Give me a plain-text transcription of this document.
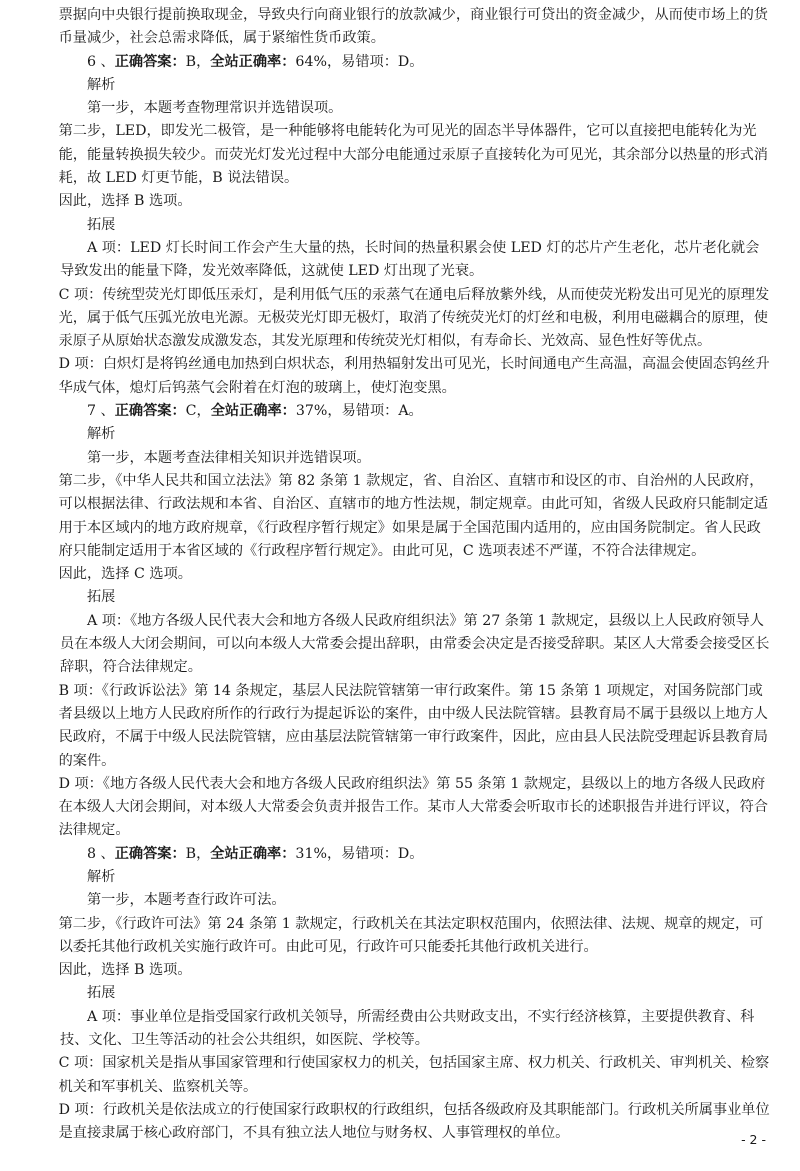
票据向中央银行提前换取现金，导致央行向商业银行的放款减少，商业银行可贷出的资金减少，从而使市场上的货币量减少，社会总需求降低，属于紧缩性货币政策。

6 、正确答案：B，全站正确率：64%，易错项：D。

解析

第一步，本题考查物理常识并选错误项。

第二步，LED，即发光二极管，是一种能够将电能转化为可见光的固态半导体器件，它可以直接把电能转化为光能，能量转换损失较少。而荧光灯发光过程中大部分电能通过汞原子直接转化为可见光，其余部分以热量的形式消耗，故 LED 灯更节能，B 说法错误。

因此，选择 B 选项。

拓展

A 项：LED 灯长时间工作会产生大量的热，长时间的热量积累会使 LED 灯的芯片产生老化，芯片老化就会导致发出的能量下降，发光效率降低，这就使 LED 灯出现了光衰。

C 项：传统型荧光灯即低压汞灯，是利用低气压的汞蒸气在通电后释放紫外线，从而使荧光粉发出可见光的原理发光，属于低气压弧光放电光源。无极荧光灯即无极灯，取消了传统荧光灯的灯丝和电极，利用电磁耦合的原理，使汞原子从原始状态激发成激发态，其发光原理和传统荧光灯相似，有寿命长、光效高、显色性好等优点。

D 项：白炽灯是将钨丝通电加热到白炽状态，利用热辐射发出可见光，长时间通电产生高温，高温会使固态钨丝升华成气体，熄灯后钨蒸气会附着在灯泡的玻璃上，使灯泡变黑。

7 、正确答案：C，全站正确率：37%，易错项：A。

解析

第一步，本题考查法律相关知识并选错误项。

第二步，《中华人民共和国立法法》第 82 条第 1 款规定，省、自治区、直辖市和设区的市、自治州的人民政府，可以根据法律、行政法规和本省、自治区、直辖市的地方性法规，制定规章。由此可知，省级人民政府只能制定适用于本区域内的地方政府规章，《行政程序暂行规定》如果是属于全国范围内适用的，应由国务院制定。省人民政府只能制定适用于本省区域的《行政程序暂行规定》。由此可见，C 选项表述不严谨，不符合法律规定。

因此，选择 C 选项。

拓展

A 项：《地方各级人民代表大会和地方各级人民政府组织法》第 27 条第 1 款规定，县级以上人民政府领导人员在本级人大闭会期间，可以向本级人大常委会提出辞职，由常委会决定是否接受辞职。某区人大常委会接受区长辞职，符合法律规定。

B 项：《行政诉讼法》第 14 条规定，基层人民法院管辖第一审行政案件。第 15 条第 1 项规定，对国务院部门或者县级以上地方人民政府所作的行政行为提起诉讼的案件，由中级人民法院管辖。县教育局不属于县级以上地方人民政府，不属于中级人民法院管辖，应由基层法院管辖第一审行政案件，因此，应由县人民法院受理起诉县教育局的案件。

D 项：《地方各级人民代表大会和地方各级人民政府组织法》第 55 条第 1 款规定，县级以上的地方各级人民政府在本级人大闭会期间，对本级人大常委会负责并报告工作。某市人大常委会听取市长的述职报告并进行评议，符合法律规定。

8 、正确答案：B，全站正确率：31%，易错项：D。

解析

第一步，本题考查行政许可法。

第二步，《行政许可法》第 24 条第 1 款规定，行政机关在其法定职权范围内，依照法律、法规、规章的规定，可以委托其他行政机关实施行政许可。由此可见，行政许可只能委托其他行政机关进行。

因此，选择 B 选项。

拓展

A 项：事业单位是指受国家行政机关领导，所需经费由公共财政支出，不实行经济核算，主要提供教育、科技、文化、卫生等活动的社会公共组织，如医院、学校等。

C 项：国家机关是指从事国家管理和行使国家权力的机关，包括国家主席、权力机关、行政机关、审判机关、检察机关和军事机关、监察机关等。

D 项：行政机关是依法成立的行使国家行政职权的行政组织，包括各级政府及其职能部门。行政机关所属事业单位是直接隶属于核心政府部门，不具有独立法人地位与财务权、人事管理权的单位。	- 2 -
